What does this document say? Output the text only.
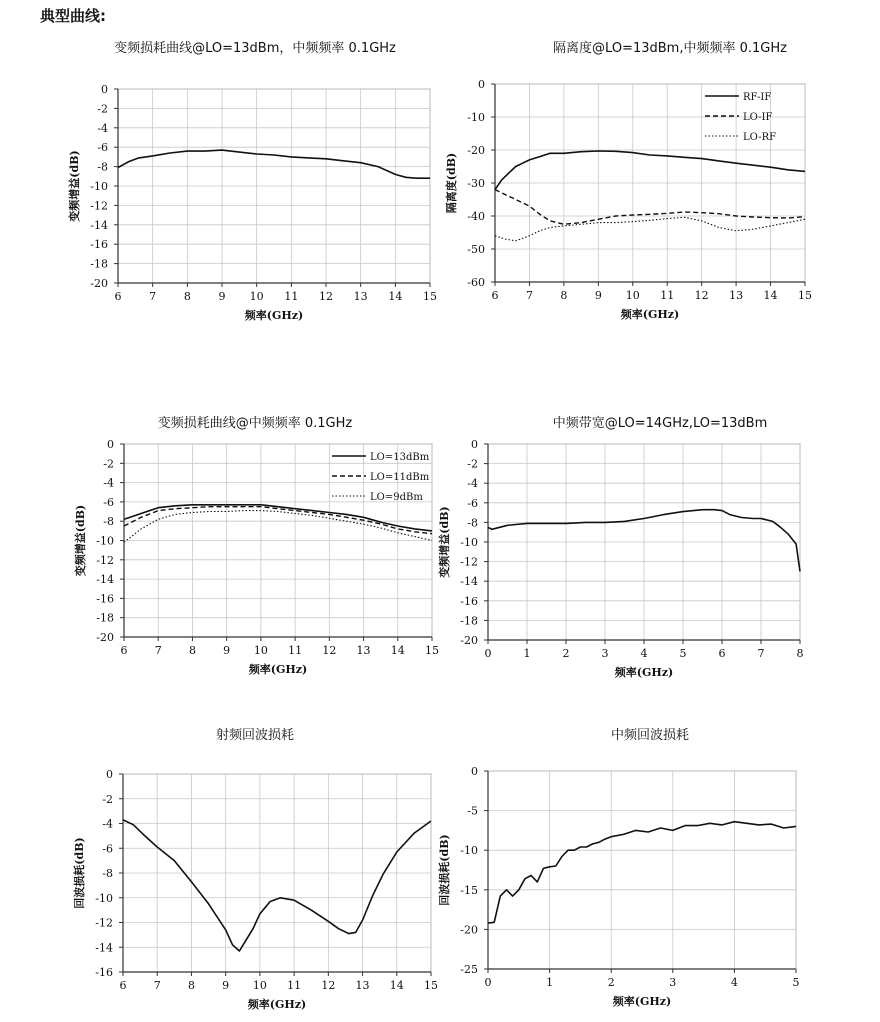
典型曲线:
变频损耗曲线@LO=13dBm，中频频率 0.1GHz
6	7	8	9 10 11 12 13 14 15
0
-2
-4
-6
-8
-10
-12
-14
-16
-18
-20
频率(GHz)
变频增益(dB)
隔离度@LO=13dBm,中频频率 0.1GHz
6 7 8 9 10 11 12 13 14 15
0
-10
-20
-30
-40
-50
-60
频率(GHz)
隔离度(dB)
RF-IF
LO-IF
LO-RF
变频损耗曲线@中频频率 0.1GHz
6 7 8 9 10 11 12 13 14 15
0
-2
-4
-6
-8
-10
-12
-14
-16
-18
-20
频率(GHz)
变频增益(dB)
LO=13dBm
LO=11dBm
LO=9dBm
中频带宽@LO=14GHz,LO=13dBm
0	1	2	3	4	5	6	7	8
0
-2
-4
-6
-8
-10
-12
-14
-16
-18
-20
频率(GHz)
变频增益(dB)
射频回波损耗
6 7 8 9 10 11 12 13 14 15
0
-2
-4
-6
-8
-10
-12
-14
-16
频率(GHz)
回波损耗(dB)
中频回波损耗
0	1	2	3	4	5
0
-5
-10
-15
-20
-25
频率(GHz)
回波损耗(dB)
